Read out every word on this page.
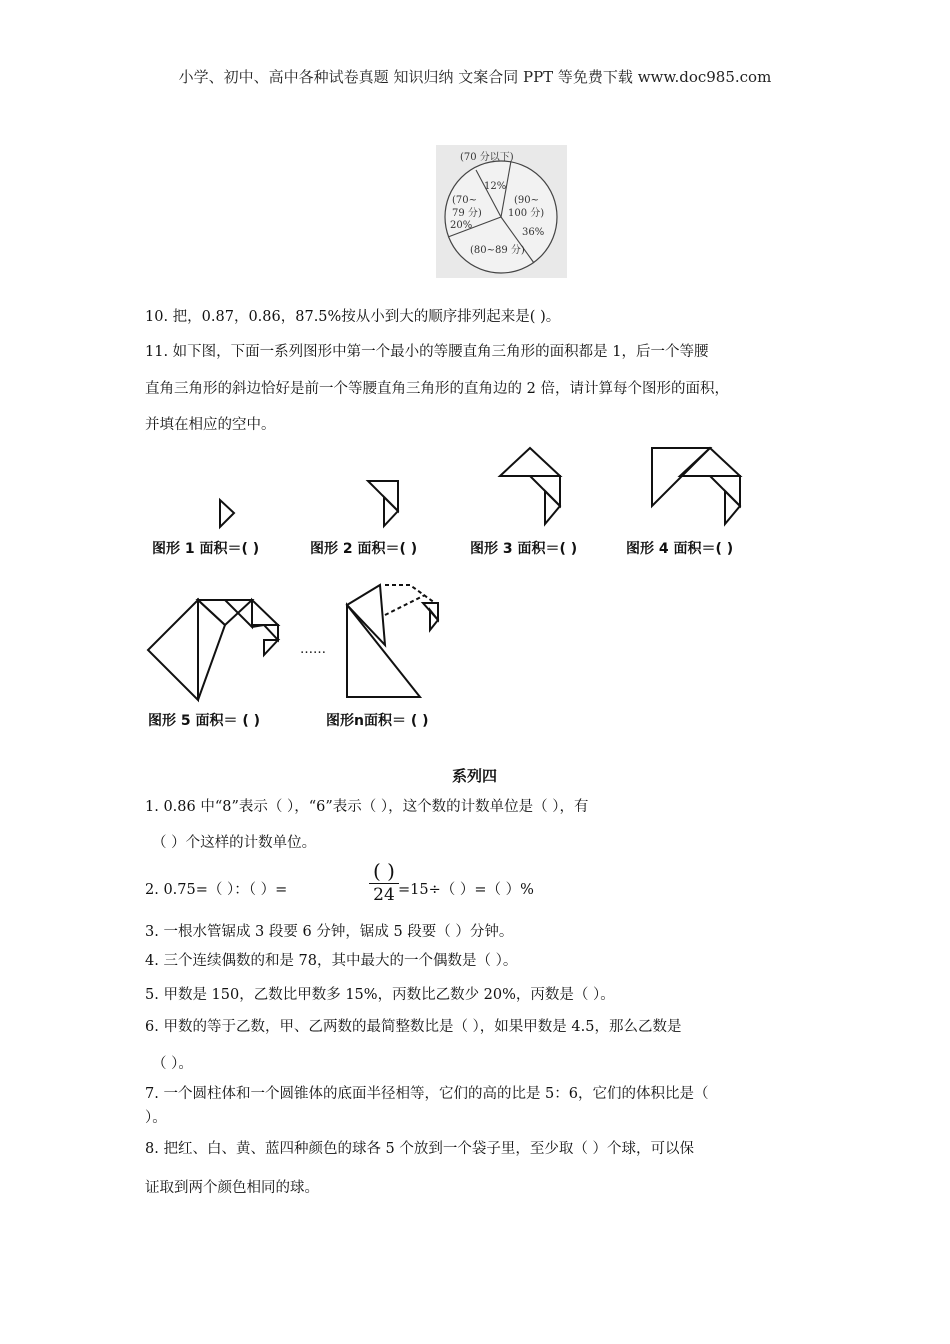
小学、初中、高中各种试卷真题 知识归纳 文案合同 PPT 等免费下载 www.doc985.com
(70 分以下)
12%
(70~
79 分)
20%
(90~
100 分)
36%
(80~89 分)
10. 把，0.87，0.86，87.5%按从小到大的顺序排列起来是( )。
11. 如下图，下面一系列图形中第一个最小的等腰直角三角形的面积都是 1，后一个等腰
直角三角形的斜边恰好是前一个等腰直角三角形的直角边的 2 倍，请计算每个图形的面积，
并填在相应的空中。
图形 1 面积＝( )	图形 2 面积＝( )	图形 3 面积＝( )	图形 4 面积＝( )
……
图形 5 面积＝ ( )	图形n面积＝ ( )
系列四
1. 0.86 中“8”表示（ ），“6”表示（ ），这个数的计数单位是（ ），有
（ ）个这样的计数单位。
2. 0.75=（ ）：（ ）=
( )
24 =15÷（ ）=（ ）%
3. 一根水管锯成 3 段要 6 分钟，锯成 5 段要（ ）分钟。
4. 三个连续偶数的和是 78，其中最大的一个偶数是（ ）。
5. 甲数是 150，乙数比甲数多 15%，丙数比乙数少 20%，丙数是（ ）。
6. 甲数的等于乙数，甲、乙两数的最简整数比是（ ），如果甲数是 4.5，那么乙数是
（ ）。
7. 一个圆柱体和一个圆锥体的底面半径相等，它们的高的比是 5：6，它们的体积比是（
）。
8. 把红、白、黄、蓝四种颜色的球各 5 个放到一个袋子里，至少取（ ）个球，可以保
证取到两个颜色相同的球。
